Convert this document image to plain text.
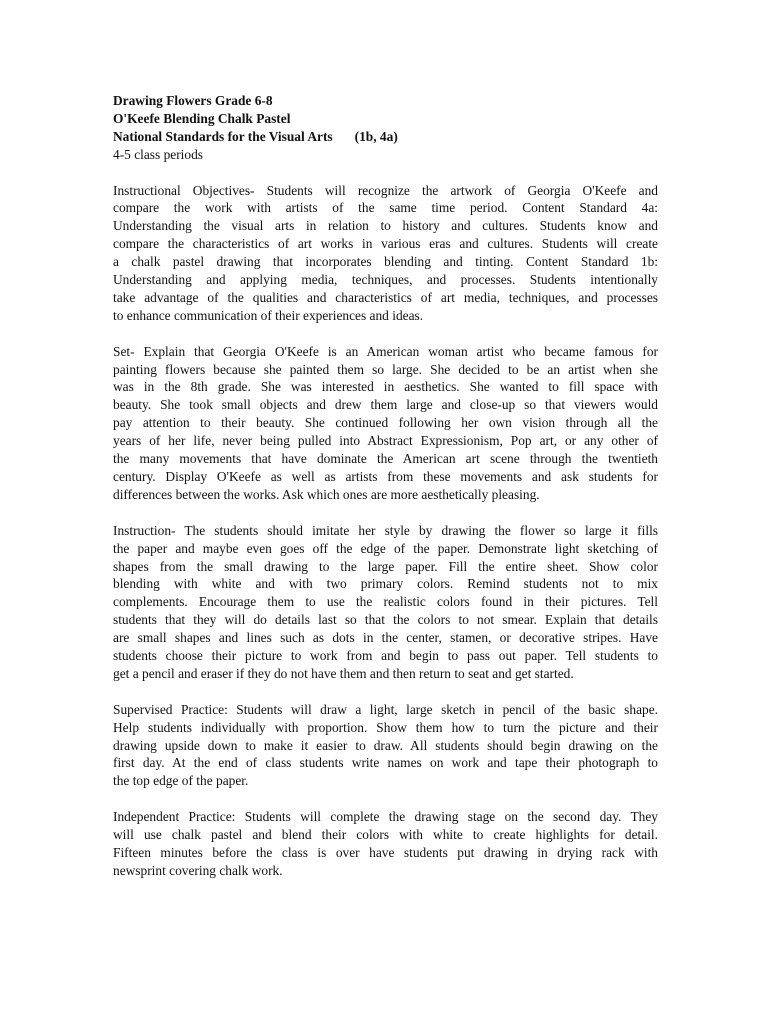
Drawing Flowers Grade 6-8
O'Keefe Blending Chalk Pastel
National Standards for the Visual Arts (1b, 4a)
4-5 class periods
Instructional Objectives- Students will recognize the artwork of Georgia O'Keefe and
compare the work with artists of the same time period. Content Standard 4a:
Understanding the visual arts in relation to history and cultures. Students know and
compare the characteristics of art works in various eras and cultures. Students will create
a chalk pastel drawing that incorporates blending and tinting. Content Standard 1b:
Understanding and applying media, techniques, and processes. Students intentionally
take advantage of the qualities and characteristics of art media, techniques, and processes
to enhance communication of their experiences and ideas.
Set- Explain that Georgia O'Keefe is an American woman artist who became famous for
painting flowers because she painted them so large. She decided to be an artist when she
was in the 8th grade. She was interested in aesthetics. She wanted to fill space with
beauty. She took small objects and drew them large and close-up so that viewers would
pay attention to their beauty. She continued following her own vision through all the
years of her life, never being pulled into Abstract Expressionism, Pop art, or any other of
the many movements that have dominate the American art scene through the twentieth
century. Display O'Keefe as well as artists from these movements and ask students for
differences between the works. Ask which ones are more aesthetically pleasing.
Instruction- The students should imitate her style by drawing the flower so large it fills
the paper and maybe even goes off the edge of the paper. Demonstrate light sketching of
shapes from the small drawing to the large paper. Fill the entire sheet. Show color
blending with white and with two primary colors. Remind students not to mix
complements. Encourage them to use the realistic colors found in their pictures. Tell
students that they will do details last so that the colors to not smear. Explain that details
are small shapes and lines such as dots in the center, stamen, or decorative stripes. Have
students choose their picture to work from and begin to pass out paper. Tell students to
get a pencil and eraser if they do not have them and then return to seat and get started.
Supervised Practice: Students will draw a light, large sketch in pencil of the basic shape.
Help students individually with proportion. Show them how to turn the picture and their
drawing upside down to make it easier to draw. All students should begin drawing on the
first day. At the end of class students write names on work and tape their photograph to
the top edge of the paper.
Independent Practice: Students will complete the drawing stage on the second day. They
will use chalk pastel and blend their colors with white to create highlights for detail.
Fifteen minutes before the class is over have students put drawing in drying rack with
newsprint covering chalk work.
